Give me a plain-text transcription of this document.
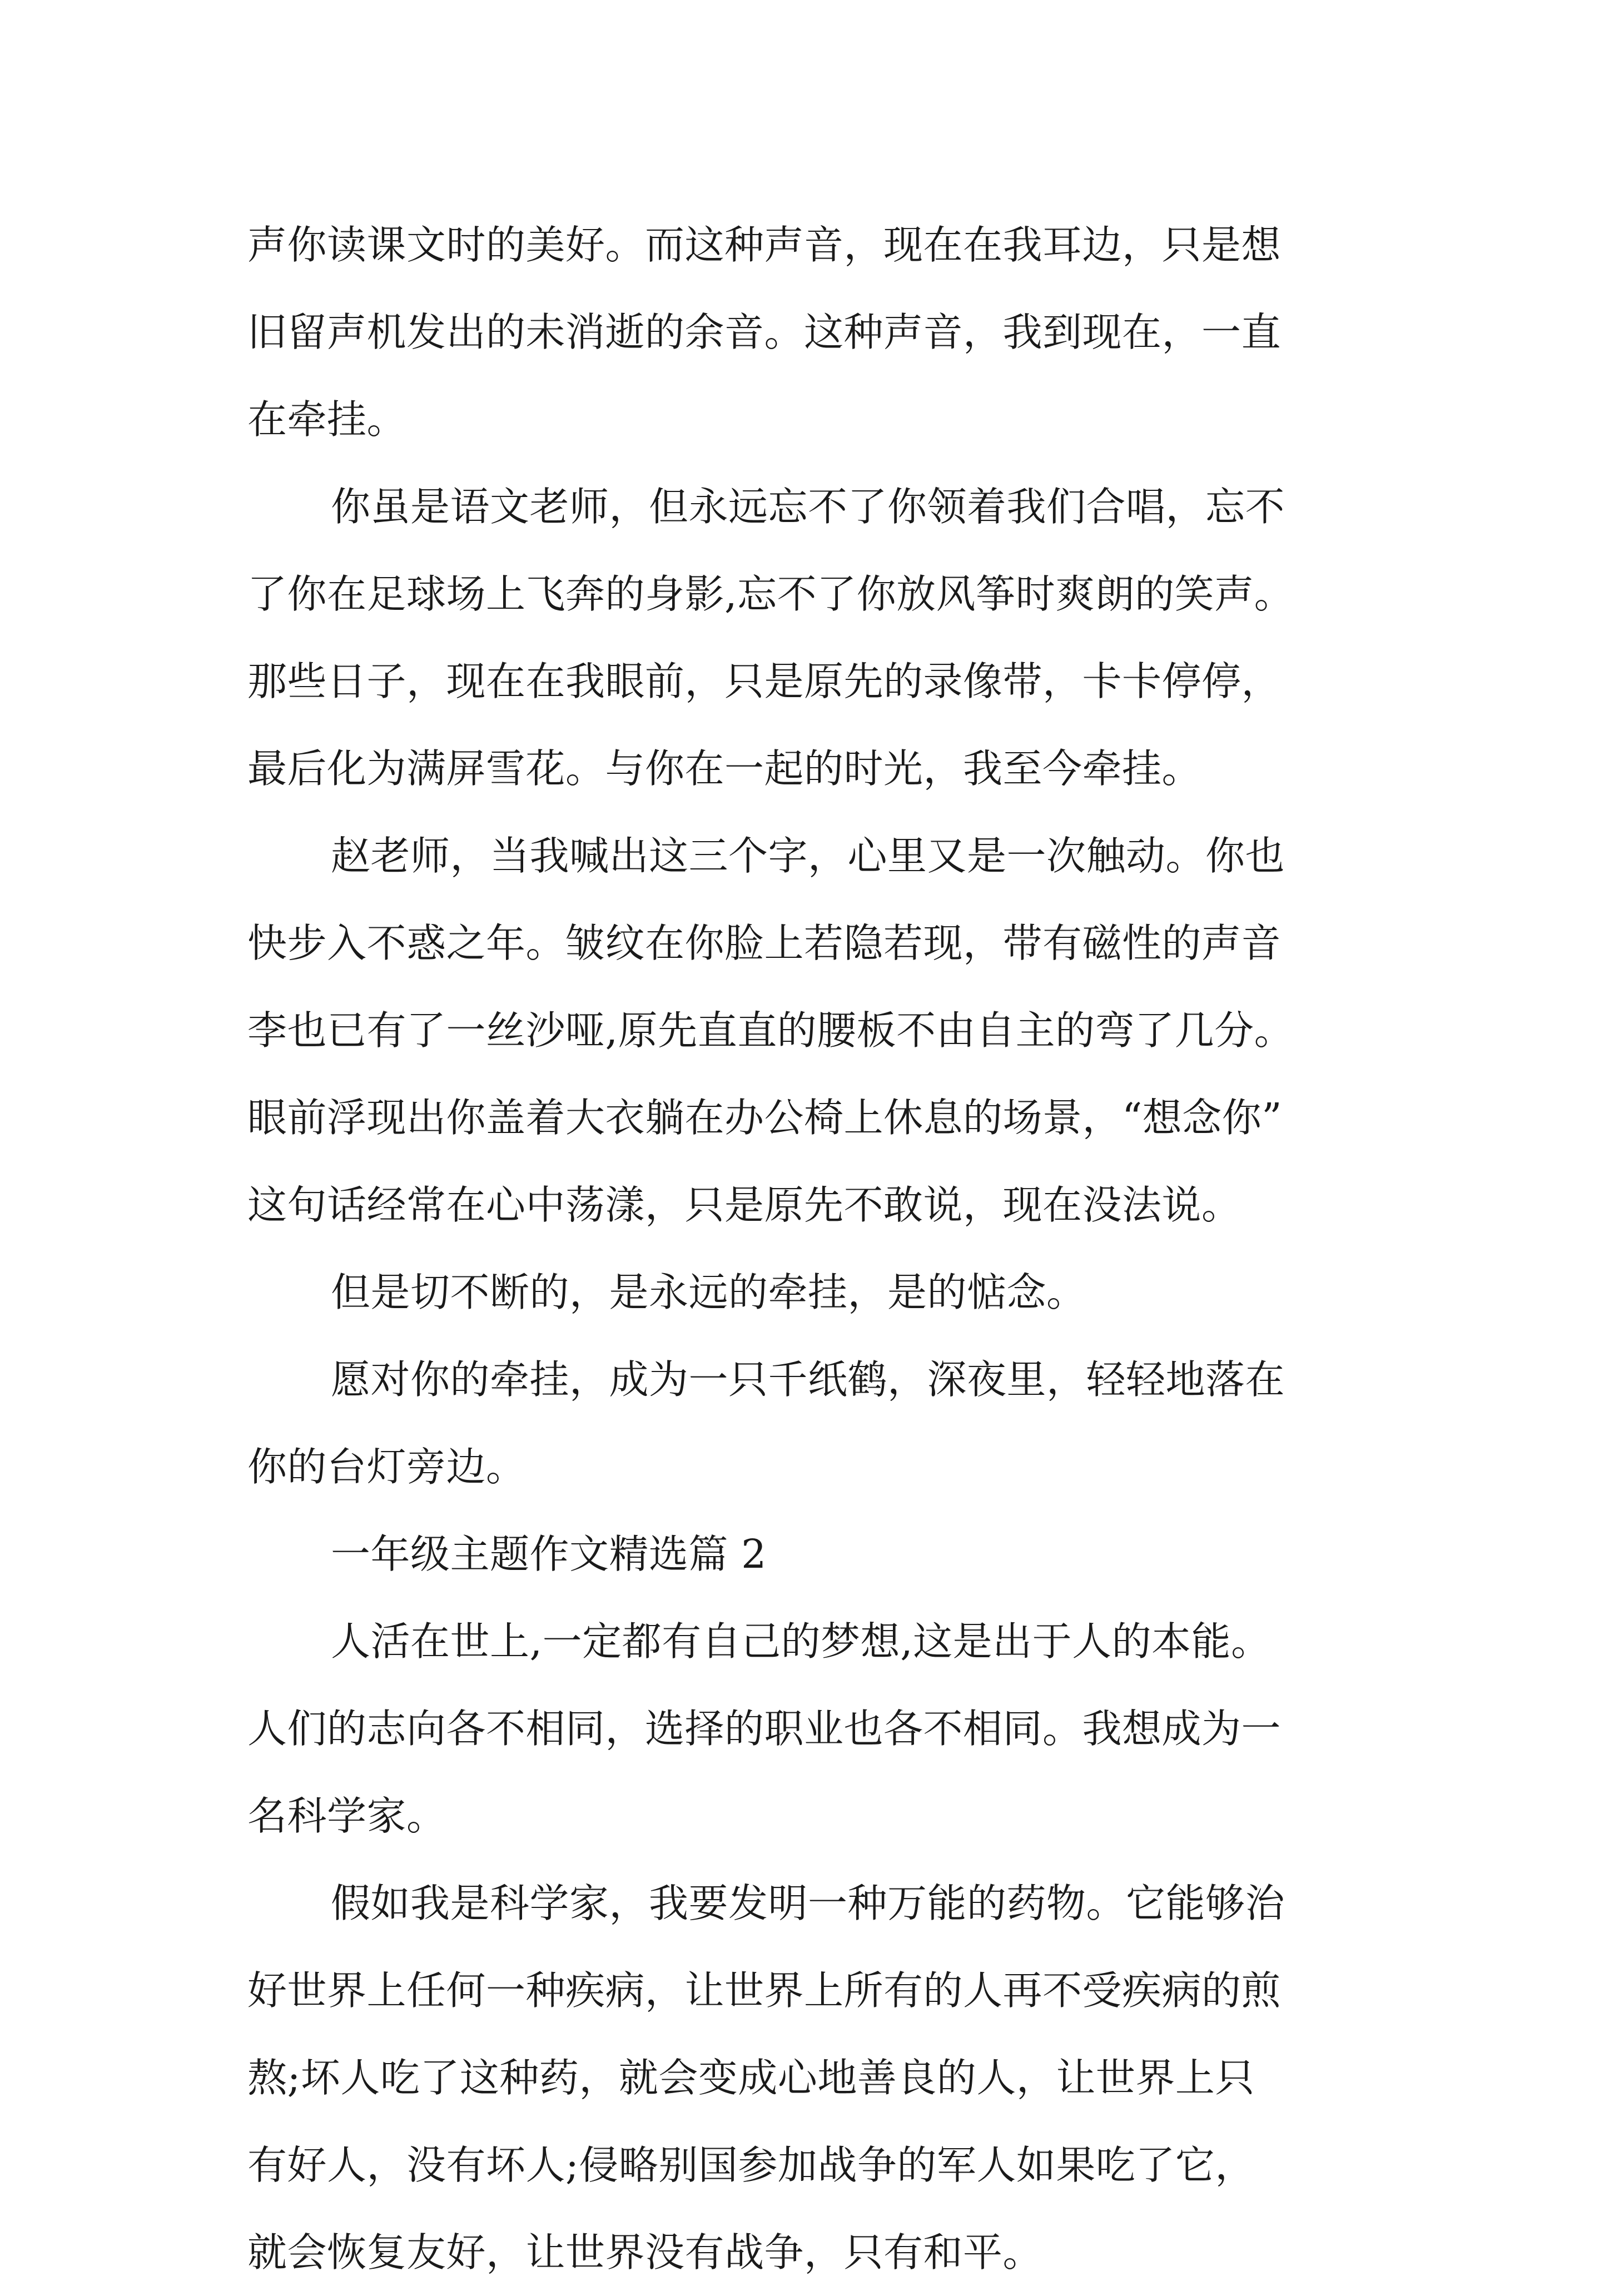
声你读课文时的美好。而这种声音，现在在我耳边，只是想
旧留声机发出的未消逝的余音。这种声音，我到现在，一直
在牵挂。
你虽是语文老师，但永远忘不了你领着我们合唱，忘不
了你在足球场上飞奔的身影,忘不了你放风筝时爽朗的笑声。
那些日子，现在在我眼前，只是原先的录像带，卡卡停停，
最后化为满屏雪花。与你在一起的时光，我至今牵挂。
赵老师，当我喊出这三个字，心里又是一次触动。你也
快步入不惑之年。皱纹在你脸上若隐若现，带有磁性的声音
李也已有了一丝沙哑,原先直直的腰板不由自主的弯了几分。
眼前浮现出你盖着大衣躺在办公椅上休息的场景，“想念你”
这句话经常在心中荡漾，只是原先不敢说，现在没法说。
但是切不断的，是永远的牵挂，是的惦念。
愿对你的牵挂，成为一只千纸鹤，深夜里，轻轻地落在
你的台灯旁边。
一年级主题作文精选篇 2
人活在世上,一定都有自己的梦想,这是出于人的本能。
人们的志向各不相同，选择的职业也各不相同。我想成为一
名科学家。
假如我是科学家，我要发明一种万能的药物。它能够治
好世界上任何一种疾病，让世界上所有的人再不受疾病的煎
熬;坏人吃了这种药，就会变成心地善良的人，让世界上只
有好人，没有坏人;侵略别国参加战争的军人如果吃了它，
就会恢复友好，让世界没有战争，只有和平。
